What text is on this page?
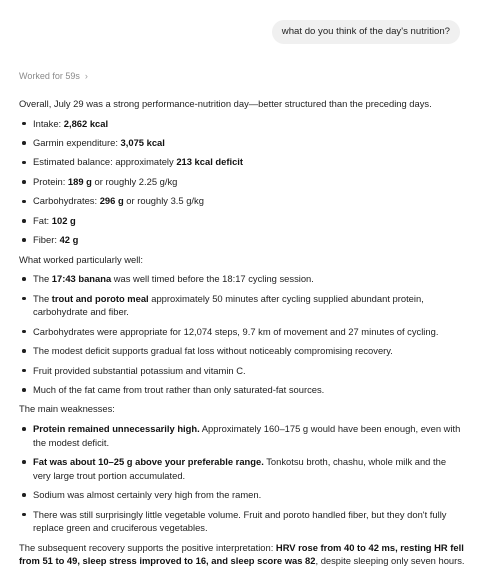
what do you think of the day's nutrition?
Worked for 59s ›

Overall, July 29 was a strong performance-nutrition day—better structured than the preceding days.

Intake: 2,862 kcal
Garmin expenditure: 3,075 kcal
Estimated balance: approximately 213 kcal deficit
Protein: 189 g or roughly 2.25 g/kg
Carbohydrates: 296 g or roughly 3.5 g/kg
Fat: 102 g
Fiber: 42 g

What worked particularly well:

The 17:43 banana was well timed before the 18:17 cycling session.
The trout and poroto meal approximately 50 minutes after cycling supplied abundant protein, carbohydrate and fiber.
Carbohydrates were appropriate for 12,074 steps, 9.7 km of movement and 27 minutes of cycling.
The modest deficit supports gradual fat loss without noticeably compromising recovery.
Fruit provided substantial potassium and vitamin C.
Much of the fat came from trout rather than only saturated-fat sources.

The main weaknesses:

Protein remained unnecessarily high. Approximately 160–175 g would have been enough, even with the modest deficit.
Fat was about 10–25 g above your preferable range. Tonkotsu broth, chashu, whole milk and the very large trout portion accumulated.
Sodium was almost certainly very high from the ramen.
There was still surprisingly little vegetable volume. Fruit and poroto handled fiber, but they don't fully replace green and cruciferous vegetables.

The subsequent recovery supports the positive interpretation: HRV rose from 40 to 42 ms, resting HR fell from 51 to 49, sleep stress improved to 16, and sleep score was 82, despite sleeping only seven hours.
